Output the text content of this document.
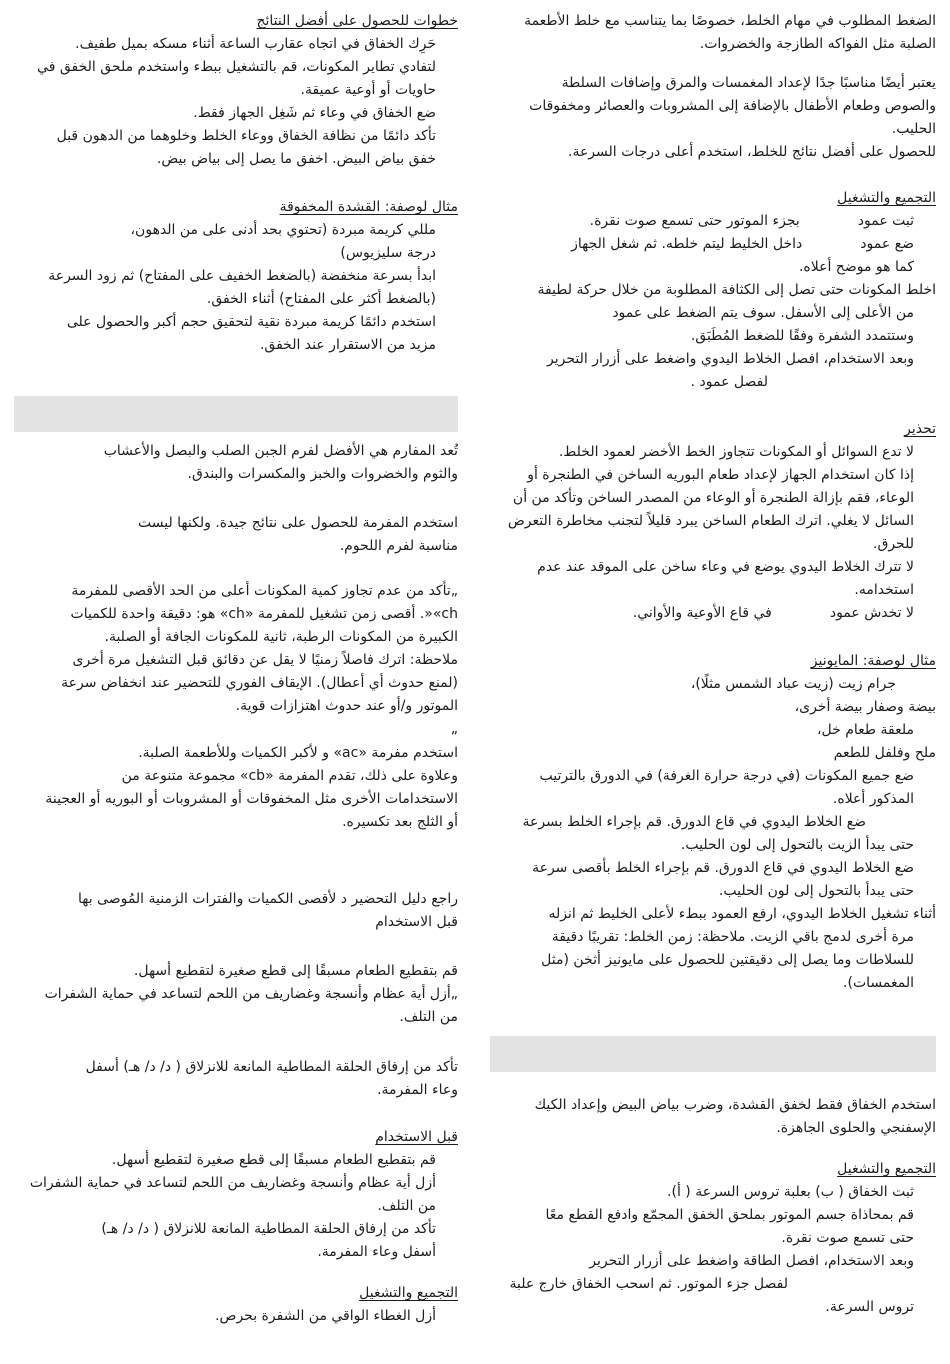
الضغط المطلوب في مهام الخلط، خصوصًا بما يتناسب مع خلط الأطعمة
الصلبة مثل الفواكه الطازجة والخضروات.
يعتبر أيضًا مناسبًا جدًا لإعداد المغمسات والمرق وإضافات السلطة
والصوص وطعام الأطفال بالإضافة إلى المشروبات والعصائر ومخفوقات
الحليب.
للحصول على أفضل نتائج للخلط، استخدم أعلى درجات السرعة.
التجميع والتشغيل
ثبت عمودبجزء الموتور حتى تسمع صوت نقرة.
ضع عمودداخل الخليط ليتم خلطه. ثم شغل الجهاز
كما هو موضح أعلاه.
اخلط المكونات حتى تصل إلى الكثافة المطلوبة من خلال حركة لطيفة
من الأعلى إلى الأسفل. سوف يتم الضغط على عمود
وستتمدد الشفرة وفقًا للضغط المُطَبَق.
وبعد الاستخدام، افصل الخلاط اليدوي واضغط على أزرار التحرير
لفصل عمود .
تحذير
لا تدع السوائل أو المكونات تتجاوز الخط الأخضر لعمود الخلط.
إذا كان استخدام الجهاز لإعداد طعام البوريه الساخن في الطنجرة أو
الوعاء، فقم بإزالة الطنجرة أو الوعاء من المصدر الساخن وتأكد من أن
السائل لا يغلي. اترك الطعام الساخن يبرد قليلاً لتجنب مخاطرة التعرض
للحرق.
لا تترك الخلاط اليدوي يوضع في وعاء ساخن على الموقد عند عدم
استخدامه.
لا تخدش عمودفي قاع الأوعية والأواني.
مثال لوصفة: المايونيز
جرام زيت (زيت عباد الشمس مثلًا)،
بيضة وصفار بيضة أخرى،
ملعقة طعام خل،
ملح وفلفل للطعم
ضع جميع المكونات (في درجة حرارة الغرفة) في الدورق بالترتيب
المذكور أعلاه.
ضع الخلاط اليدوي في قاع الدورق. قم بإجراء الخلط بسرعة
حتى يبدأ الزيت بالتحول إلى لون الحليب.
ضع الخلاط اليدوي في قاع الدورق. قم بإجراء الخلط بأقصى سرعة
حتى يبدأ بالتحول إلى لون الحليب.
أثناء تشغيل الخلاط اليدوي، ارفع العمود ببطء لأعلى الخليط ثم انزله
مرة أخرى لدمج باقي الزيت. ملاحظة: زمن الخلط: تقريبًا دقيقة
للسلاطات وما يصل إلى دقيقتين للحصول على مايونيز أثخن (مثل
المغمسات).
استخدم الخفاق فقط لخفق القشدة، وضرب بياض البيض وإعداد الكيك
الإسفنجي والحلوى الجاهزة.
التجميع والتشغيل
ثبت الخفاق ( ب) بعلبة تروس السرعة ( أ).
قم بمحاذاة جسم الموتور بملحق الخفق المجمّع وادفع القطع معًا
حتى تسمع صوت نقرة.
وبعد الاستخدام، افصل الطاقة واضغط على أزرار التحرير
لفصل جزء الموتور. ثم اسحب الخفاق خارج علبة
تروس السرعة.
خطوات للحصول على أفضل النتائج
حَرِك الخفاق في اتجاه عقارب الساعة أثناء مسكه بميل طفيف.
لتفادي تطاير المكونات، قم بالتشغيل ببطء واستخدم ملحق الخفق في
حاويات أو أوعية عميقة.
ضع الخفاق في وعاء ثم شَغِل الجهاز فقط.
تأكد دائمًا من نظافة الخفاق ووعاء الخلط وخلوهما من الدهون قبل
خفق بياض البيض. اخفق ما يصل إلى بياض بيض.
مثال لوصفة: القشدة المخفوقة
مللي كريمة مبردة (تحتوي بحد أدنى على من الدهون،
درجة سليزيوس)
ابدأ بسرعة منخفضة (بالضغط الخفيف على المفتاح) ثم زود السرعة
(بالضغط أكثر على المفتاح) أثناء الخفق.
استخدم دائمًا كريمة مبردة نقية لتحقيق حجم أكبر والحصول على
مزيد من الاستقرار عند الخفق.
تُعد المفارم هي الأفضل لفرم الجبن الصلب والبصل والأعشاب
والثوم والخضروات والخبز والمكسرات والبندق.
استخدم المفرمة للحصول على نتائج جيدة. ولكنها ليست
مناسبة لفرم اللحوم.
„تأكد من عدم تجاوز كمية المكونات أعلى من الحد الأقصى للمفرمة
ch»«. أقصى زمن تشغيل للمفرمة «ch» هو: دقيقة واحدة للكميات
الكبيرة من المكونات الرطبة، ثانية للمكونات الجافة أو الصلبة.
ملاحظة: اترك فاصلاً زمنيًا لا يقل عن دقائق قبل التشغيل مرة أخرى
(لمنع حدوث أي أعطال). الإيقاف الفوري للتحضير عند انخفاض سرعة
الموتور و/أو عند حدوث اهتزازات قوية.
„
استخدم مفرمة «ac» و لأكبر الكميات وللأطعمة الصلبة.
وعلاوة على ذلك، تقدم المفرمة «cb» مجموعة متنوعة من
الاستخدامات الأخرى مثل المخفوقات أو المشروبات أو البوريه أو العجينة
أو الثلج بعد تكسيره.
راجع دليل التحضير د لأقصى الكميات والفترات الزمنية المُوصى بها
قبل الاستخدام
قم بتقطيع الطعام مسبقًا إلى قطع صغيرة لتقطيع أسهل.
„أزل أية عظام وأنسجة وغضاريف من اللحم لتساعد في حماية الشفرات
من التلف.
تأكد من إرفاق الحلقة المطاطية المانعة للانزلاق ( د/ د/ هـ) أسفل
وعاء المفرمة.
قبل الاستخدام
قم بتقطيع الطعام مسبقًا إلى قطع صغيرة لتقطيع أسهل.
أزل أية عظام وأنسجة وغضاريف من اللحم لتساعد في حماية الشفرات
من التلف.
تأكد من إرفاق الحلقة المطاطية المانعة للانزلاق ( د/ د/ هـ)
أسفل وعاء المفرمة.
التجميع والتشغيل
أزل الغطاء الواقي من الشفرة بحرص.
